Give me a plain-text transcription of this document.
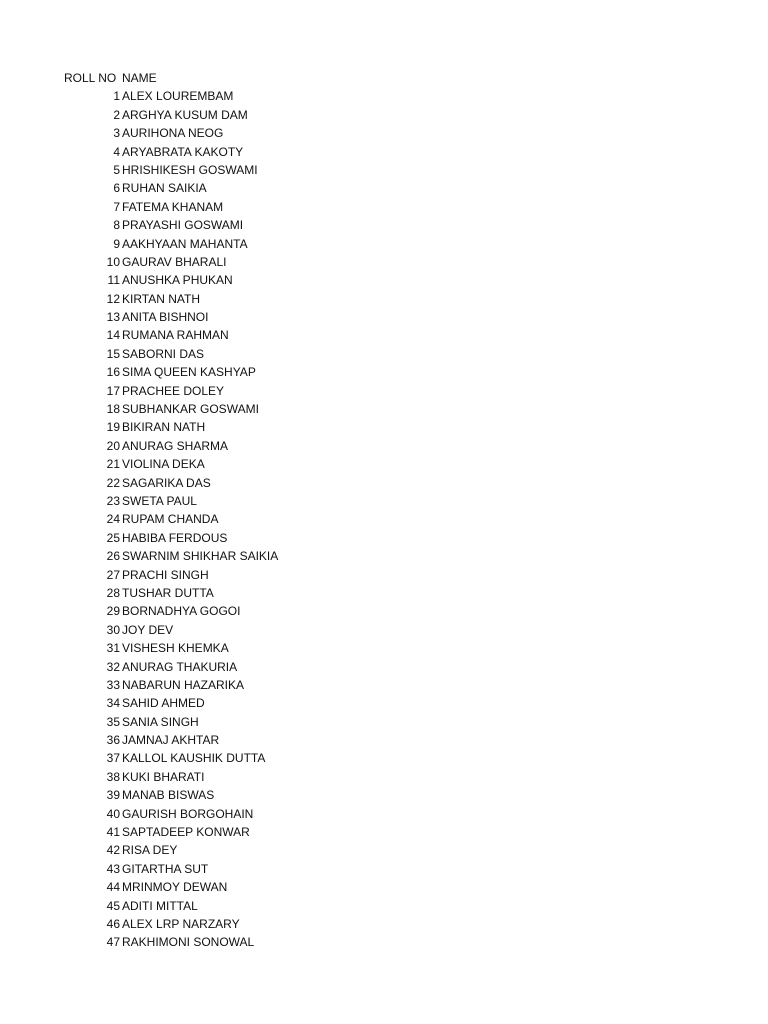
ROLL NO NAME
1 ALEX LOUREMBAM
2 ARGHYA KUSUM DAM
3 AURIHONA NEOG
4 ARYABRATA KAKOTY
5 HRISHIKESH GOSWAMI
6 RUHAN SAIKIA
7 FATEMA KHANAM
8 PRAYASHI GOSWAMI
9 AAKHYAAN MAHANTA
10 GAURAV BHARALI
11 ANUSHKA PHUKAN
12 KIRTAN NATH
13 ANITA BISHNOI
14 RUMANA RAHMAN
15 SABORNI DAS
16 SIMA QUEEN KASHYAP
17 PRACHEE DOLEY
18 SUBHANKAR GOSWAMI
19 BIKIRAN NATH
20 ANURAG SHARMA
21 VIOLINA DEKA
22 SAGARIKA DAS
23 SWETA PAUL
24 RUPAM CHANDA
25 HABIBA FERDOUS
26 SWARNIM SHIKHAR SAIKIA
27 PRACHI SINGH
28 TUSHAR DUTTA
29 BORNADHYA GOGOI
30 JOY DEV
31 VISHESH KHEMKA
32 ANURAG THAKURIA
33 NABARUN HAZARIKA
34 SAHID AHMED
35 SANIA SINGH
36 JAMNAJ AKHTAR
37 KALLOL KAUSHIK DUTTA
38 KUKI BHARATI
39 MANAB BISWAS
40 GAURISH BORGOHAIN
41 SAPTADEEP KONWAR
42 RISA DEY
43 GITARTHA SUT
44 MRINMOY DEWAN
45 ADITI MITTAL
46 ALEX LRP NARZARY
47 RAKHIMONI SONOWAL
